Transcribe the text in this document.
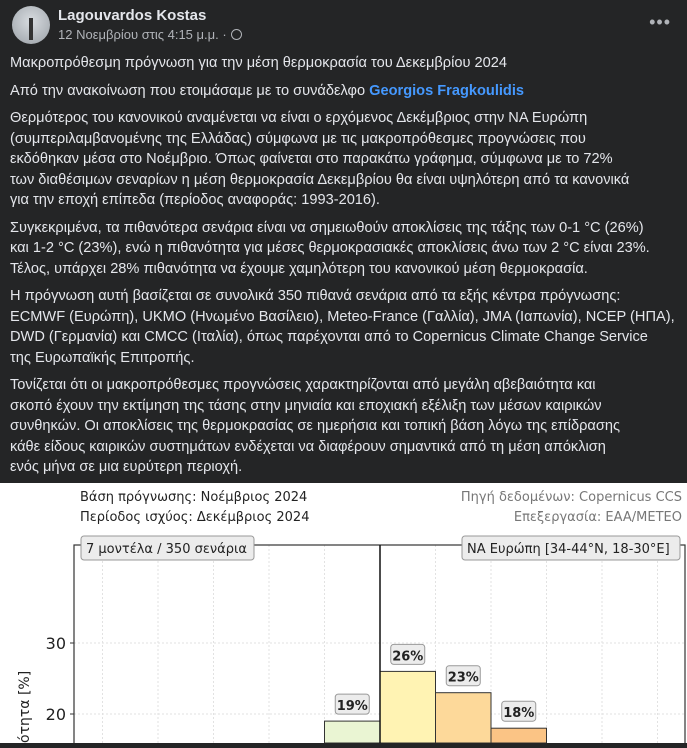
Lagouvardos Kostas
12 Νοεμβρίου στις 4:15 μ.μ. ·
•••

Μακροπρόθεσμη πρόγνωση για την μέση θερμοκρασία του Δεκεμβρίου 2024

Από την ανακοίνωση που ετοιμάσαμε με το συνάδελφο Georgios Fragkoulidis

Θερμότερος του κανονικού αναμένεται να είναι ο ερχόμενος Δεκέμβριος στην ΝΑ Ευρώπη
(συμπεριλαμβανομένης της Ελλάδας) σύμφωνα με τις μακροπρόθεσμες προγνώσεις που
εκδόθηκαν μέσα στο Νοέμβριο. Όπως φαίνεται στο παρακάτω γράφημα, σύμφωνα με το 72%
των διαθέσιμων σεναρίων η μέση θερμοκρασία Δεκεμβρίου θα είναι υψηλότερη από τα κανονικά
για την εποχή επίπεδα (περίοδος αναφοράς: 1993-2016).
Συγκεκριμένα, τα πιθανότερα σενάρια είναι να σημειωθούν αποκλίσεις της τάξης των 0-1 °C (26%)
και 1-2 °C (23%), ενώ η πιθανότητα για μέσες θερμοκρασιακές αποκλίσεις άνω των 2 °C είναι 23%.
Τέλος, υπάρχει 28% πιθανότητα να έχουμε χαμηλότερη του κανονικού μέση θερμοκρασία.
Η πρόγνωση αυτή βασίζεται σε συνολικά 350 πιθανά σενάρια από τα εξής κέντρα πρόγνωσης:
ECMWF (Ευρώπη), UKMO (Ηνωμένο Βασίλειο), Meteo-France (Γαλλία), JMA (Ιαπωνία), NCEP (ΗΠΑ),
DWD (Γερμανία) και CMCC (Ιταλία), όπως παρέχονται από το Copernicus Climate Change Service
της Ευρωπαϊκής Επιτροπής.
Τονίζεται ότι οι μακροπρόθεσμες προγνώσεις χαρακτηρίζονται από μεγάλη αβεβαιότητα και
σκοπό έχουν την εκτίμηση της τάσης στην μηνιαία και εποχιακή εξέλιξη των μέσων καιρικών
συνθηκών. Οι αποκλίσεις της θερμοκρασίας σε ημερήσια και τοπική βάση λόγω της επίδρασης
κάθε είδους καιρικών συστημάτων ενδέχεται να διαφέρουν σημαντικά από τη μέση απόκλιση
ενός μήνα σε μια ευρύτερη περιοχή.
Βάση πρόγνωσης: Νοέμβριος 2024
Περίοδος ισχύος: Δεκέμβριος 2024
Πηγή δεδομένων: Copernicus CCS
Επεξεργασία: EAA/METEO
19%
26%
23%
18%
30
20
ότητα [%]
7 μοντέλα / 350 σενάρια	ΝΑ Ευρώπη [34-44°N, 18-30°E]
